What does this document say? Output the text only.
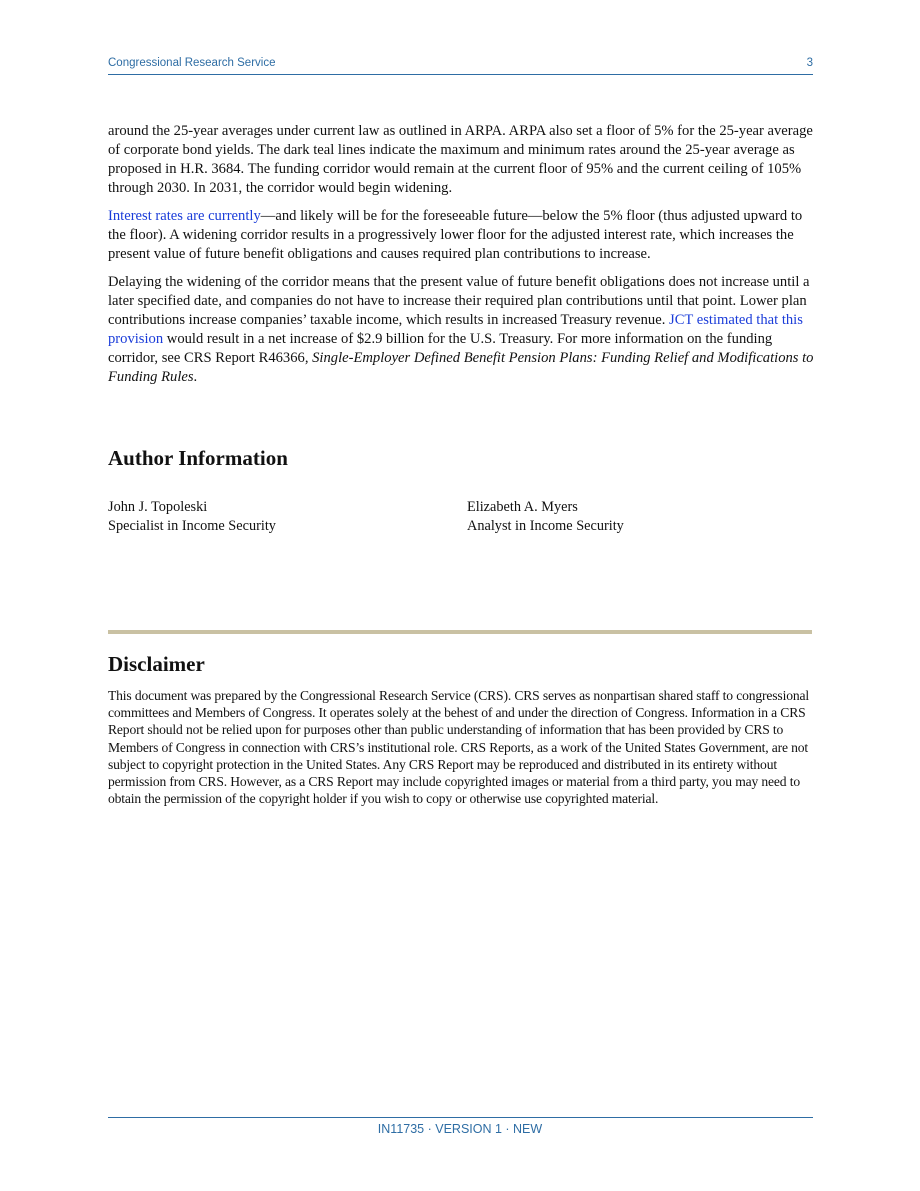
Congressional Research Service	3

around the 25-year averages under current law as outlined in ARPA. ARPA also set a floor of 5% for the 25-year average of corporate bond yields. The dark teal lines indicate the maximum and minimum rates around the 25-year average as proposed in H.R. 3684. The funding corridor would remain at the current floor of 95% and the current ceiling of 105% through 2030. In 2031, the corridor would begin widening.

Interest rates are currently—and likely will be for the foreseeable future—below the 5% floor (thus adjusted upward to the floor). A widening corridor results in a progressively lower floor for the adjusted interest rate, which increases the present value of future benefit obligations and causes required plan contributions to increase.

Delaying the widening of the corridor means that the present value of future benefit obligations does not increase until a later specified date, and companies do not have to increase their required plan contributions until that point. Lower plan contributions increase companies’ taxable income, which results in increased Treasury revenue. JCT estimated that this provision would result in a net increase of $2.9 billion for the U.S. Treasury. For more information on the funding corridor, see CRS Report R46366, Single-Employer Defined Benefit Pension Plans: Funding Relief and Modifications to Funding Rules.

Author Information
John J. Topoleski
Specialist in Income Security
Elizabeth A. Myers
Analyst in Income Security
Disclaimer
This document was prepared by the Congressional Research Service (CRS). CRS serves as nonpartisan shared staff to congressional committees and Members of Congress. It operates solely at the behest of and under the direction of Congress. Information in a CRS Report should not be relied upon for purposes other than public understanding of information that has been provided by CRS to Members of Congress in connection with CRS’s institutional role. CRS Reports, as a work of the United States Government, are not subject to copyright protection in the United States. Any CRS Report may be reproduced and distributed in its entirety without permission from CRS. However, as a CRS Report may include copyrighted images or material from a third party, you may need to obtain the permission of the copyright holder if you wish to copy or otherwise use copyrighted material.
IN11735 · VERSION 1 · NEW
